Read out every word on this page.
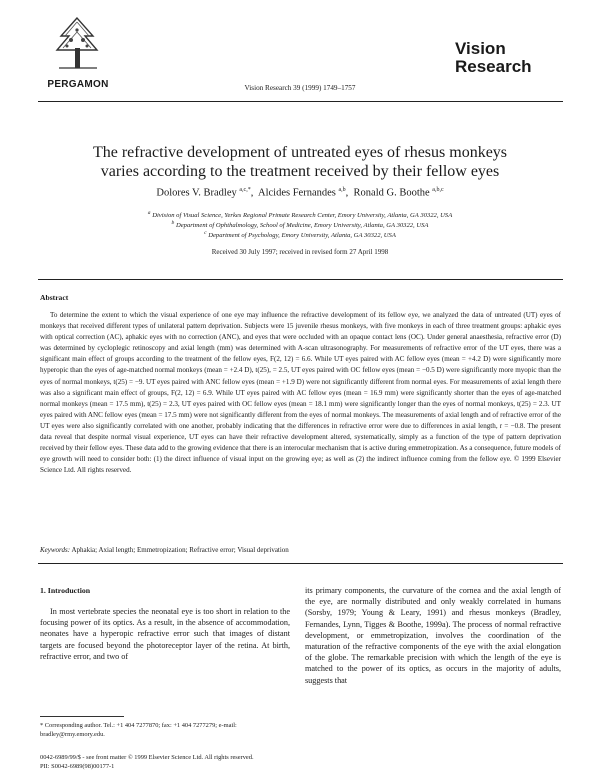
PERGAMON	Vision Research 39 (1999) 1749–1757
Vision
Research
The refractive development of untreated eyes of rhesus monkeys
varies according to the treatment received by their fellow eyes
Dolores V. Bradley $^{a,c,*}$,  Alcides Fernandes $^{a,b}$,  Ronald G. Boothe $^{a,b,c}$
$^a$ Division of Visual Science, Yerkes Regional Primate Research Center, Emory University, Atlanta, GA 30322, USA
$^b$ Department of Ophthalmology, School of Medicine, Emory University, Atlanta, GA 30322, USA
$^c$ Department of Psychology, Emory University, Atlanta, GA 30322, USA
Received 30 July 1997; received in revised form 27 April 1998
Abstract
To determine the extent to which the visual experience of one eye may influence the refractive development of its fellow eye, we analyzed the data of untreated (UT) eyes of monkeys that received different types of unilateral pattern deprivation. Subjects were 15 juvenile rhesus monkeys, with five monkeys in each of three treatment groups: aphakic eyes with optical correction (AC), aphakic eyes with no correction (ANC), and eyes that were occluded with an opaque contact lens (OC). Under general anaesthesia, refractive error (D) was determined by cycloplegic retinoscopy and axial length (mm) was determined with A-scan ultrasonography. For measurements of refractive error of the UT eyes, there was a significant main effect of groups according to the treatment of the fellow eyes, F(2, 12) = 6.6. While UT eyes paired with AC fellow eyes (mean = +4.2 D) were significantly more hyperopic than the eyes of age-matched normal monkeys (mean = +2.4 D), t(25), = 2.5, UT eyes paired with OC fellow eyes (mean = −0.5 D) were significantly more myopic than the eyes of normal monkeys, t(25) = −9. UT eyes paired with ANC fellow eyes (mean = +1.9 D) were not significantly different from normal eyes. For measurements of axial length there was also a significant main effect of groups, F(2, 12) = 6.9. While UT eyes paired with AC fellow eyes (mean = 16.9 mm) were significantly shorter than the eyes of age-matched normal monkeys (mean = 17.5 mm), t(25) = 2.3, UT eyes paired with OC fellow eyes (mean = 18.1 mm) were significantly longer than the eyes of normal monkeys, t(25) = 2.3. UT eyes paired with ANC fellow eyes (mean = 17.5 mm) were not significantly different from the eyes of normal monkeys. The measurements of axial length and of refractive error of the UT eyes were also significantly correlated with one another, probably indicating that the differences in refractive error were due to differences in axial length, r = −0.8. The present data reveal that despite normal visual experience, UT eyes can have their refractive development altered, systematically, simply as a function of the type of pattern deprivation received by their fellow eyes. These data add to the growing evidence that there is an interocular mechanism that is active during emmetropization. As a consequence, future models of eye growth will need to consider both: (1) the direct influence of visual input on the growing eye; as well as (2) the indirect influence coming from the fellow eye. © 1999 Elsevier Science Ltd. All rights reserved.
Keywords: Aphakia; Axial length; Emmetropization; Refractive error; Visual deprivation
1. Introduction
In most vertebrate species the neonatal eye is too short in relation to the focusing power of its optics. As a result, in the absence of accommodation, neonates have a hyperopic refractive error such that images of distant targets are focused beyond the photoreceptor layer of the retina. At birth, refractive error, and two of
its primary components, the curvature of the cornea and the axial length of the eye, are normally distributed and only weakly correlated in humans (Sorsby, 1979; Young & Leary, 1991) and rhesus monkeys (Bradley, Fernandes, Lynn, Tigges & Boothe, 1999a). The process of normal refractive development, or emmetropization, involves the coordination of the maturation of the refractive components of the eye with the axial elongation of the globe. The remarkable precision with which the length of the eye is matched to the power of its optics, as occurs in the majority of adults, suggests that
* Corresponding author. Tel.: +1 404 7277870; fax: +1 404 7277279; e-mail: bradley@rmy.emory.edu.
0042-6989/99/$ - see front matter © 1999 Elsevier Science Ltd. All rights reserved.
PII: S0042-6989(98)00177-1
